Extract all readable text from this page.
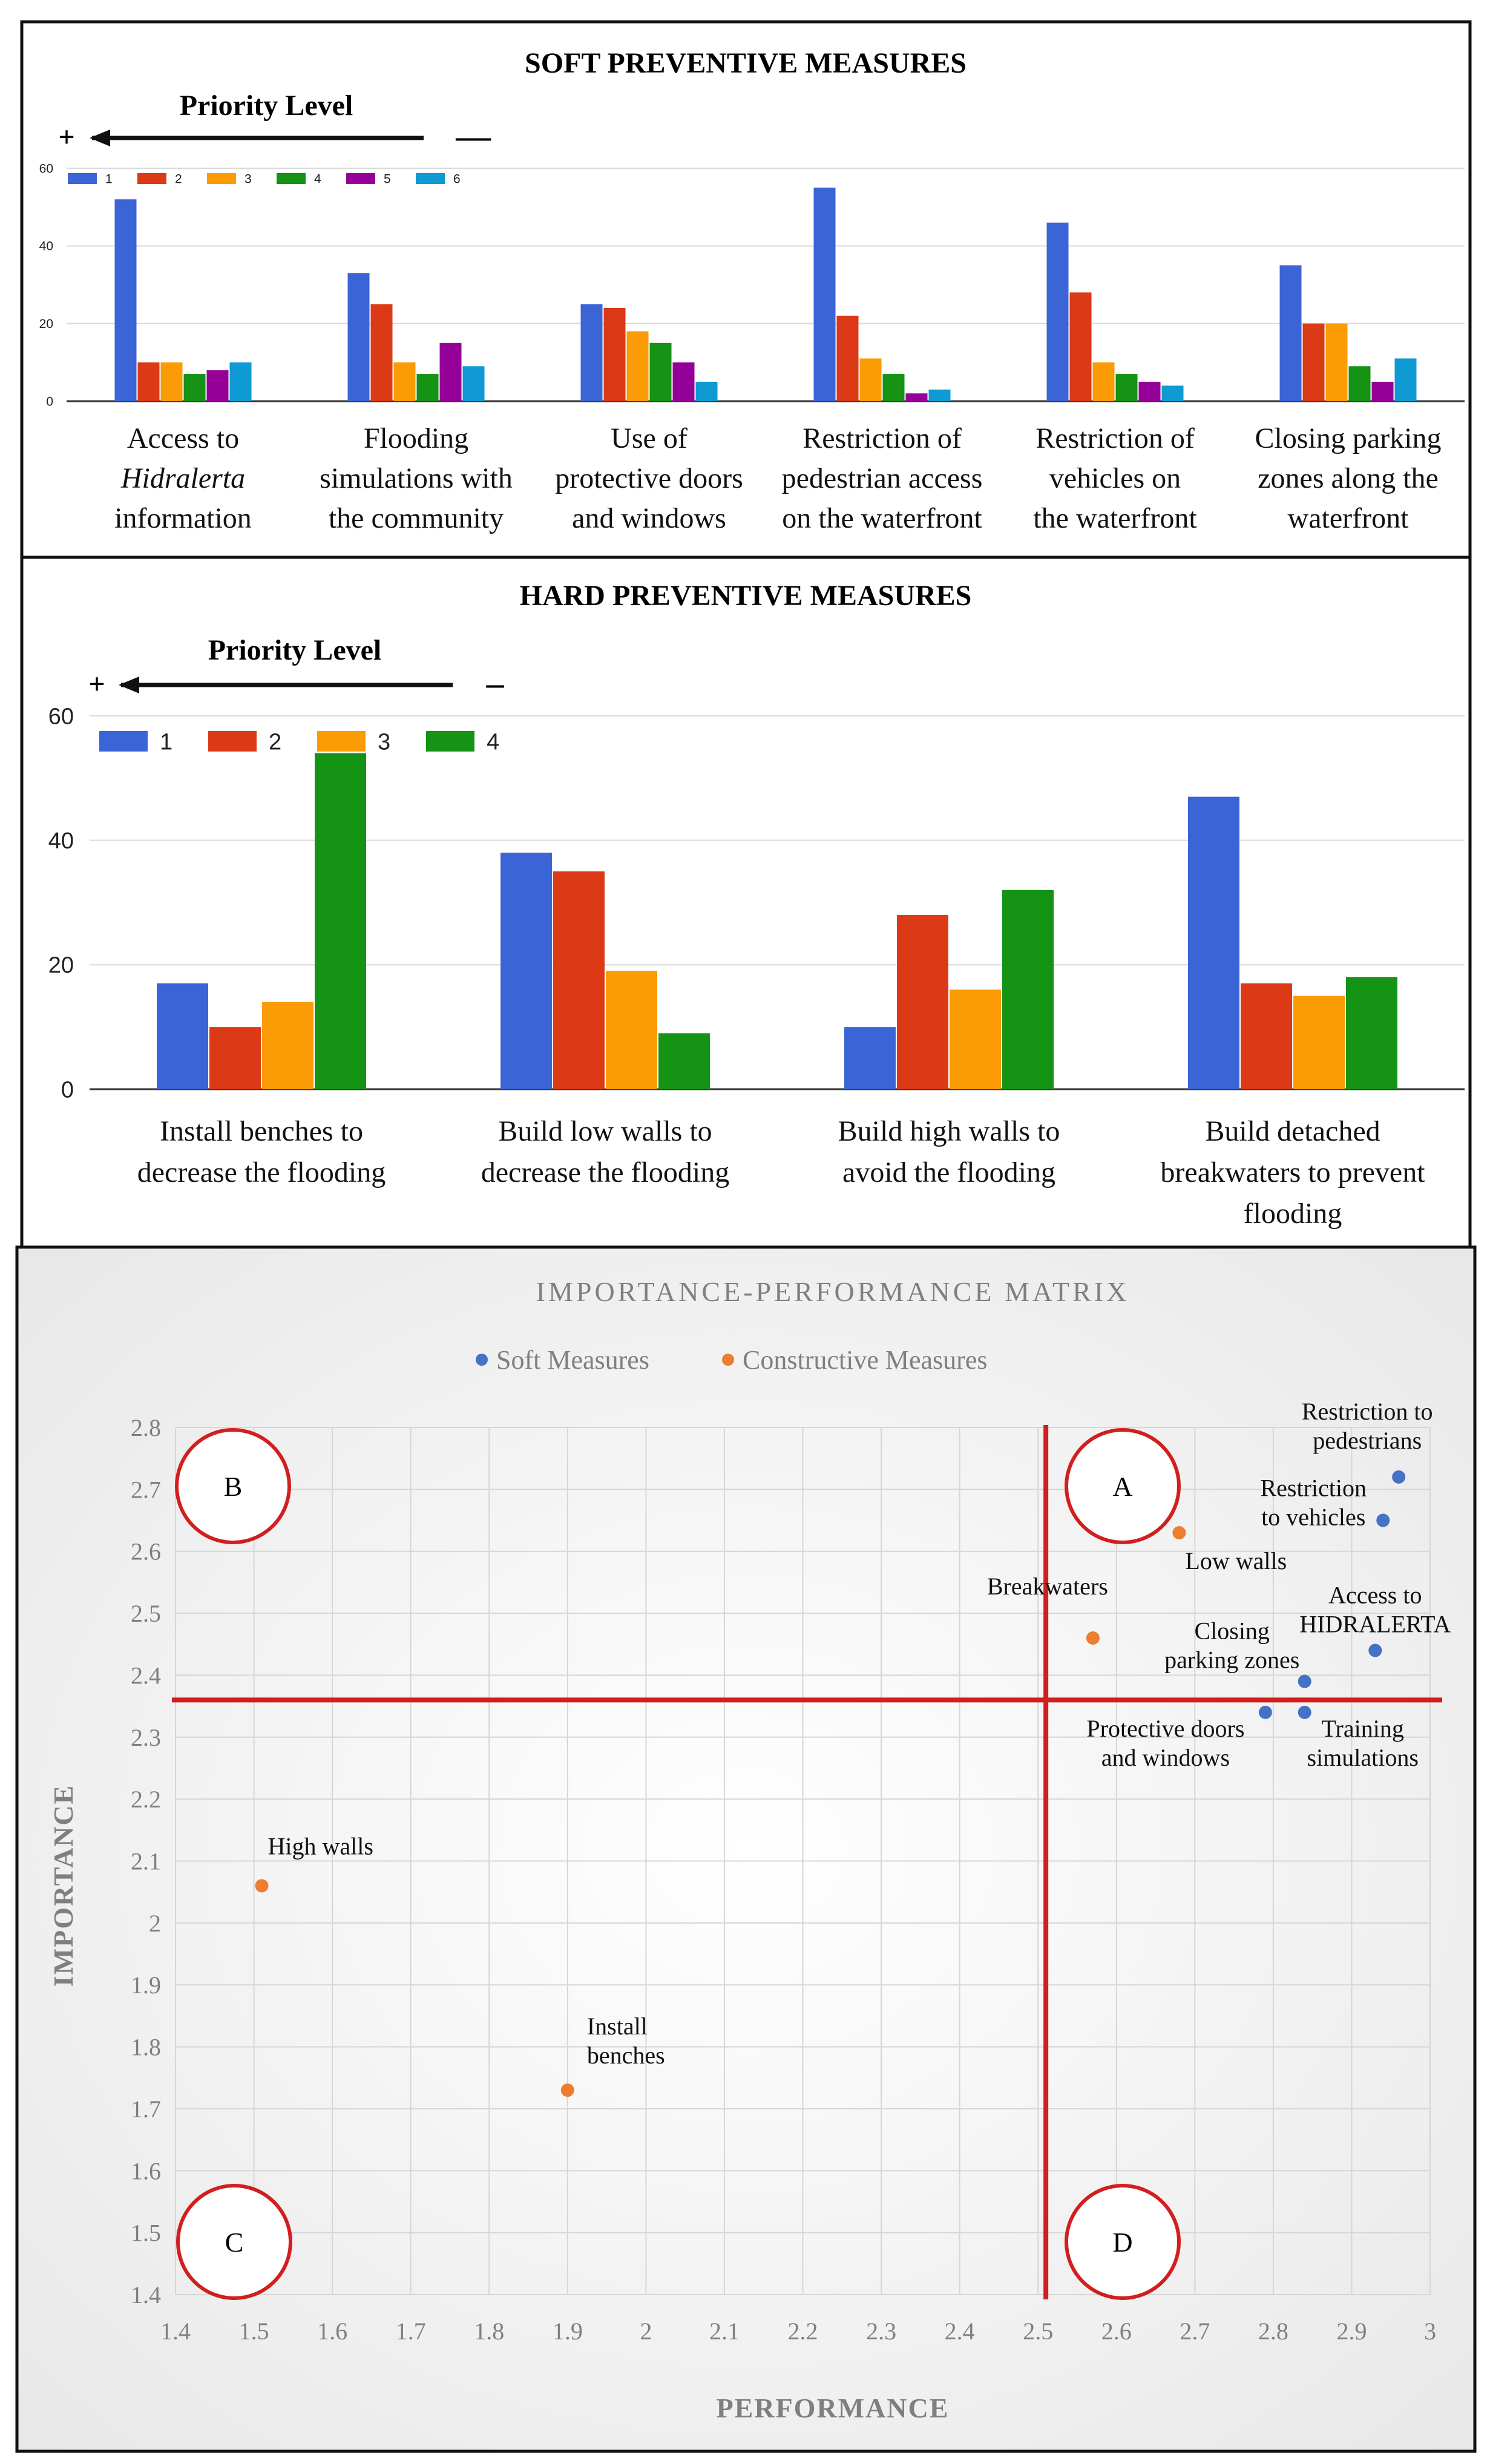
SOFT PREVENTIVE MEASURES
Priority Level
+	—
0
20
40
60
1	2	3	4	5	6
Access to
Hidralerta
information
Flooding
simulations with
the community
Use of
protective doors
and windows
Restriction of
pedestrian access
on the waterfront
Restriction of
vehicles on
the waterfront
Closing parking
zones along the
waterfront
HARD PREVENTIVE MEASURES
Priority Level
+	–
0
20
40
60
1	2	3	4
Install benches to
decrease the flooding
Build low walls to
decrease the flooding
Build high walls to
avoid the flooding
Build detached
breakwaters to prevent
flooding
IMPORTANCE-PERFORMANCE MATRIX
Soft Measures	Constructive Measures
1.4 1.5 1.6 1.7 1.8 1.9 2 2.1 2.2 2.3 2.4 2.5 2.6 2.7 2.8 2.9 3
1.4
1.5
1.6
1.7
1.8
1.9
2
2.1
2.2
2.3
2.4
2.5
2.6
2.7
2.8
PERFORMANCE
IMPORTANCE
A
B
C	D
Restriction to
pedestrians
Restriction
to vehicles
Access to
HIDRALERTA
Closing
parking zones
Protective doors
and windows
Training
simulations
Low walls
Breakwaters
High walls
Install
benches
